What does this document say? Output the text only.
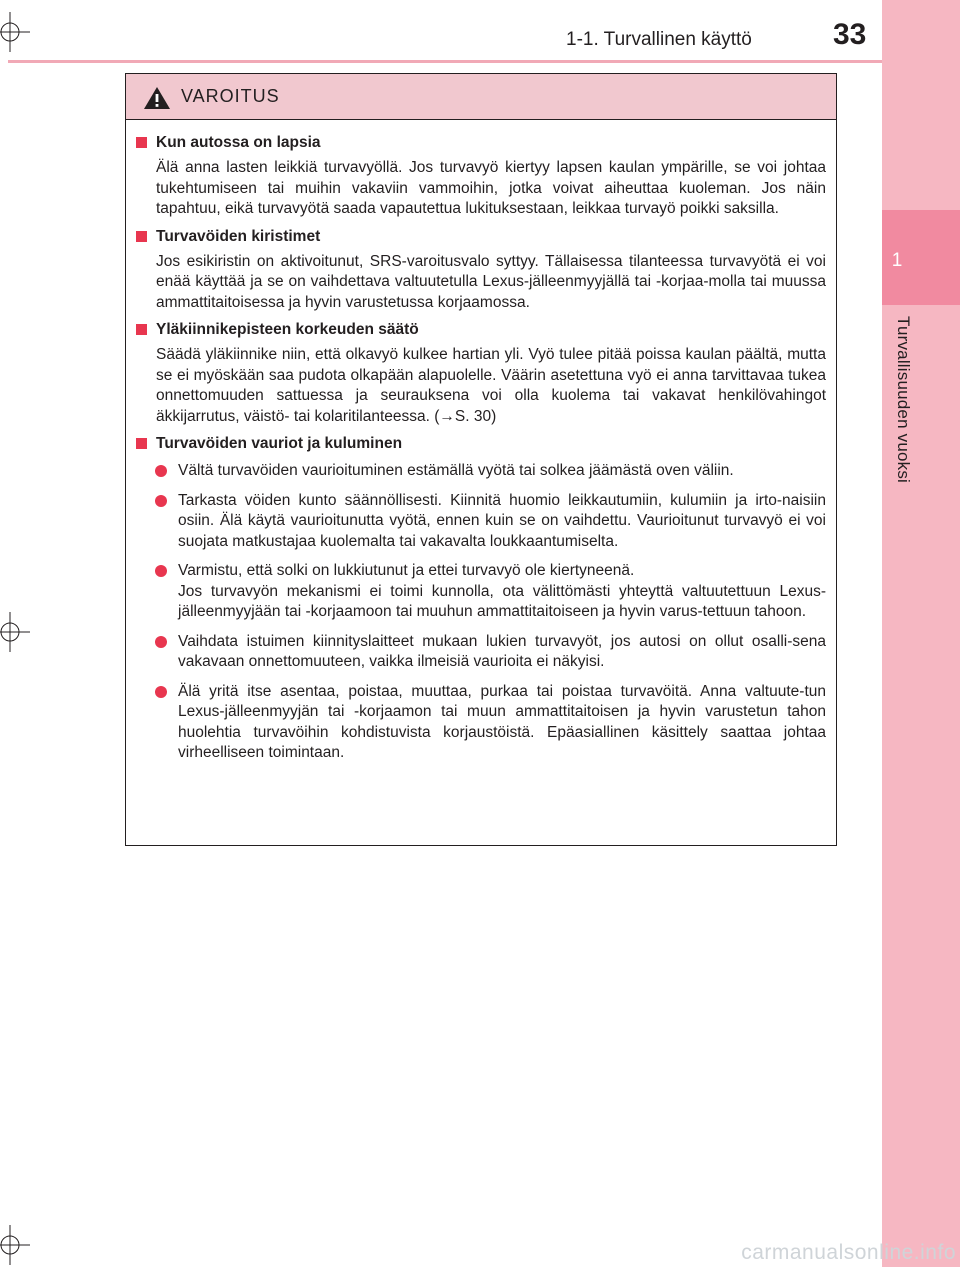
1
Turvallisuuden vuoksi
1-1. Turvallinen käyttö	33
VAROITUS
Kun autossa on lapsia
Älä anna lasten leikkiä turvavyöllä. Jos turvavyö kiertyy lapsen kaulan ympärille, se voi johtaa tukehtumiseen tai muihin vakaviin vammoihin, jotka voivat aiheuttaa kuoleman. Jos näin tapahtuu, eikä turvavyötä saada vapautettua lukituksestaan, leikkaa turvayö poikki saksilla.
Turvavöiden kiristimet
Jos esikiristin on aktivoitunut, SRS-varoitusvalo syttyy. Tällaisessa tilanteessa turvavyötä ei voi enää käyttää ja se on vaihdettava valtuutetulla Lexus-jälleenmyyjällä tai -korjaa-molla tai muussa ammattitaitoisessa ja hyvin varustetussa korjaamossa.
Yläkiinnikepisteen korkeuden säätö
Säädä yläkiinnike niin, että olkavyö kulkee hartian yli. Vyö tulee pitää poissa kaulan päältä, mutta se ei myöskään saa pudota olkapään alapuolelle. Väärin asetettuna vyö ei anna tarvittavaa tukea onnettomuuden sattuessa ja seurauksena voi olla kuolema tai vakavat henkilövahingot äkkijarrutus, väistö- tai kolaritilanteessa. (→S. 30)
Turvavöiden vauriot ja kuluminen
Vältä turvavöiden vaurioituminen estämällä vyötä tai solkea jäämästä oven väliin.
Tarkasta vöiden kunto säännöllisesti. Kiinnitä huomio leikkautumiin, kulumiin ja irto-naisiin osiin. Älä käytä vaurioitunutta vyötä, ennen kuin se on vaihdettu. Vaurioitunut turvavyö ei voi suojata matkustajaa kuolemalta tai vakavalta loukkaantumiselta.
Varmistu, että solki on lukkiutunut ja ettei turvavyö ole kiertyneenä.
Jos turvavyön mekanismi ei toimi kunnolla, ota välittömästi yhteyttä valtuutettuun Lexus-jälleenmyyjään tai -korjaamoon tai muuhun ammattitaitoiseen ja hyvin varus-tettuun tahoon.
Vaihdata istuimen kiinnityslaitteet mukaan lukien turvavyöt, jos autosi on ollut osalli-sena vakavaan onnettomuuteen, vaikka ilmeisiä vaurioita ei näkyisi.
Älä yritä itse asentaa, poistaa, muuttaa, purkaa tai poistaa turvavöitä. Anna valtuute-tun Lexus-jälleenmyyjän tai -korjaamon tai muun ammattitaitoisen ja hyvin varustetun tahon huolehtia turvavöihin kohdistuvista korjaustöistä. Epäasiallinen käsittely saattaa johtaa virheelliseen toimintaan.
carmanualsonline.info
